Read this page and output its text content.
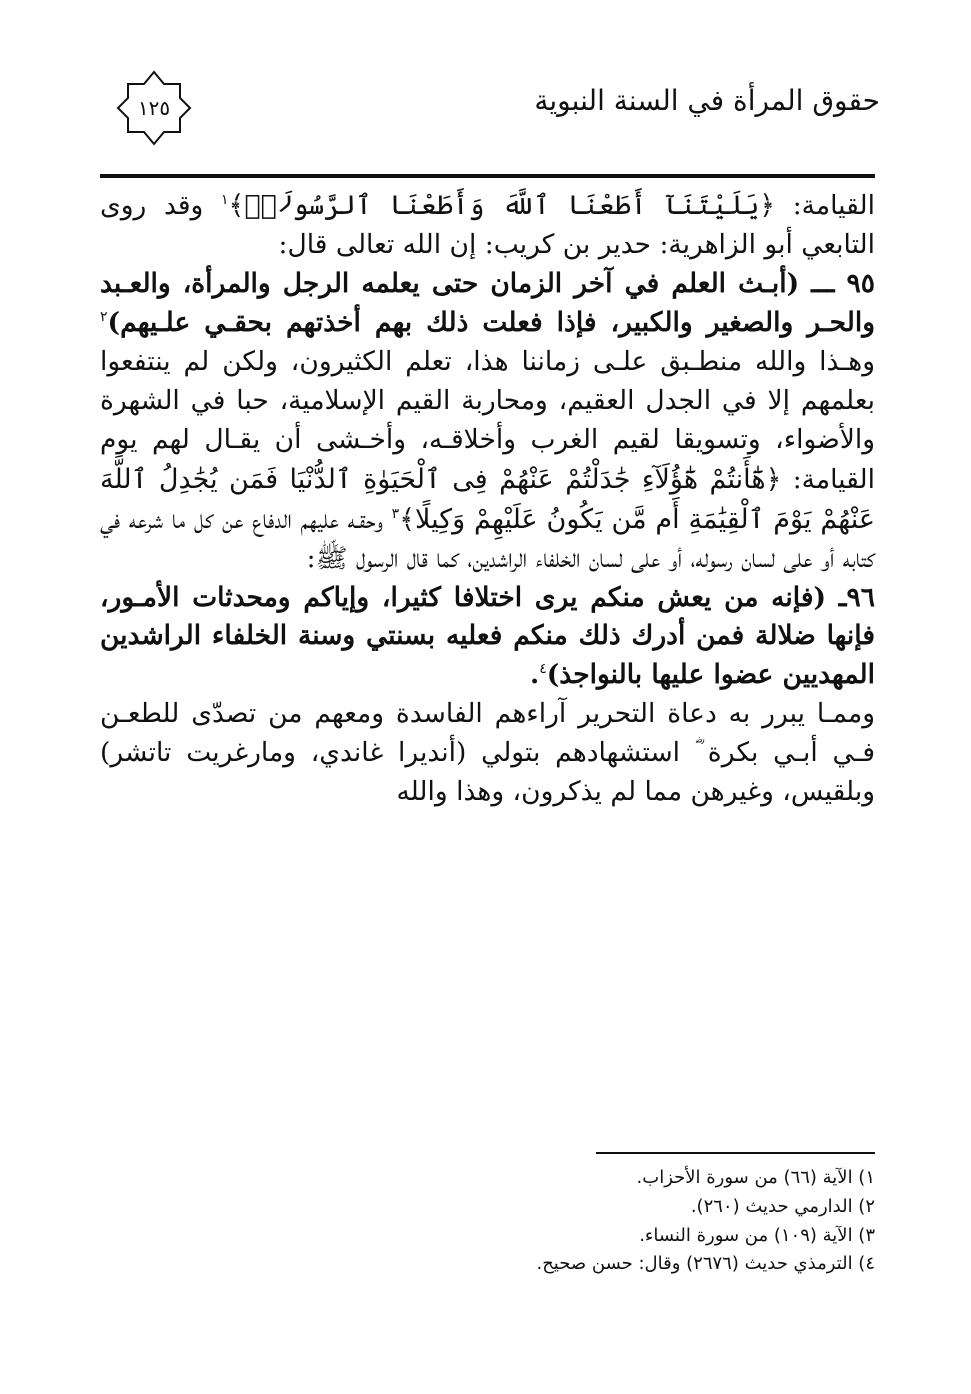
١٢٥	حقوق المرأة في السنة النبوية

القيامة: ﴿يَلَيْتَنَآ أَطَعْنَا ٱللَّهَ وَأَطَعْنَا ٱلرَّسُولَا۠﴾$^١$ وقد روى التابعي أبو الزاهرية: حدير بن كريب: إن الله تعالى قال:

٩٥ ـــ (أبـث العلم في آخر الزمان حتى يعلمه الرجل والمرأة، والعـبد والحـر والصغير والكبير، فإذا فعلت ذلك بهم أخذتهم بحقـي علـيهم)$^٢$ وهـذا والله منطـبق علـى زماننا هذا، تعلم الكثيرون، ولكن لم ينتفعوا بعلمهم إلا في الجدل العقيم، ومحاربة القيم الإسلامية، حبا في الشهرة والأضواء، وتسويقا لقيم الغرب وأخلاقـه، وأخـشى أن يقـال لهم يوم القيامة: ﴿هَٰٓأَنتُمْ هَٰٓؤُلَآءِ جَٰدَلْتُمْ عَنْهُمْ فِى ٱلْحَيَوٰةِ ٱلدُّنْيَا فَمَن يُجَٰدِلُ ٱللَّهَ عَنْهُمْ يَوْمَ ٱلْقِيَٰمَةِ أَم مَّن يَكُونُ عَلَيْهِمْ وَكِيلًا﴾$^٣$ وحقـه عليهم الدفاع عن كل ما شرعه في كتابه أو على لسان رسوله، أو على لسان الخلفاء الراشدين، كما قال الرسول ﷺ:

٩٦ـ (فإنه من يعش منكم يرى اختلافا كثيرا، وإياكم ومحدثات الأمـور، فإنها ضلالة فمن أدرك ذلك منكم فعليه بسنتي وسنة الخلفاء الراشدين المهديين عضوا عليها بالنواجذ)$^٤$.

وممـا يبرر به دعاة التحرير آراءهم الفاسدة ومعهم من تصدّى للطعـن فـي أبـي بكرة ؓ استشهادهم بتولي (أنديرا غاندي، ومارغريت تاتشر) وبلقيس، وغيرهن مما لم يذكرون، وهذا والله

١) الآية (٦٦) من سورة الأحزاب.
٢) الدارمي حديث (٢٦٠).
٣) الآية (١٠٩) من سورة النساء.
٤) الترمذي حديث (٢٦٧٦) وقال: حسن صحيح.
